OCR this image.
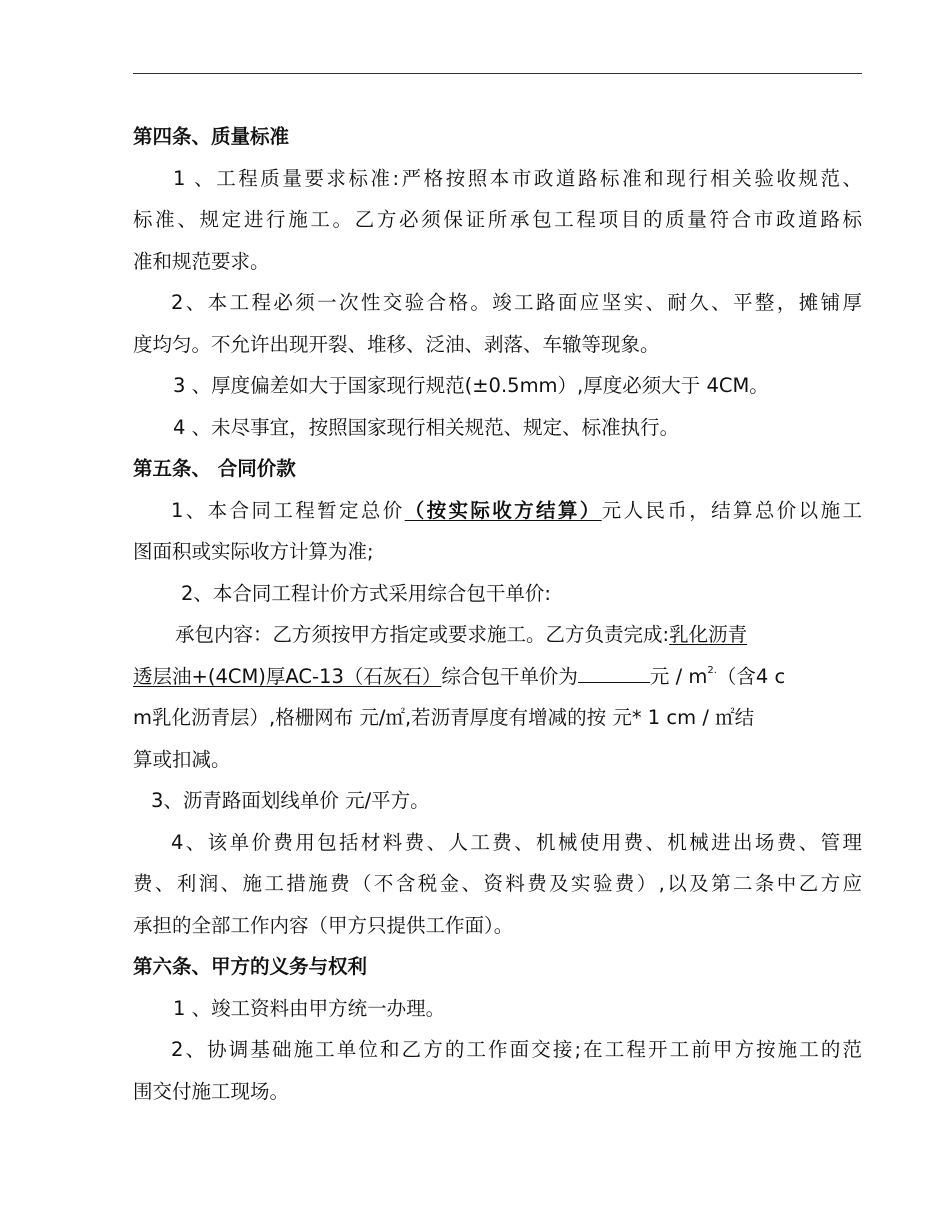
第四条、质量标准
1 、工程质量要求标准:严格按照本市政道路标准和现行相关验收规范、
标准、规定进行施工。乙方必须保证所承包工程项目的质量符合市政道路标
准和规范要求。
2、本工程必须一次性交验合格。竣工路面应坚实、耐久、平整，摊铺厚
度均匀。不允许出现开裂、堆移、泛油、剥落、车辙等现象。
3 、厚度偏差如大于国家现行规范(±0.5mm）,厚度必须大于 4CM。
4 、未尽事宜，按照国家现行相关规范、规定、标准执行。
第五条、 合同价款
1、本合同工程暂定总价（按实际收方结算）元人民币，结算总价以施工
图面积或实际收方计算为准;
2、本合同工程计价方式采用综合包干单价:
承包内容：乙方须按甲方指定或要求施工。乙方负责完成:乳化沥青
透层油+(4CM)厚AC-13（石灰石）综合包干单价为	元 / $m^{2.}$（含4 c
m乳化沥青层）,格栅网布 元/㎡,若沥青厚度有增减的按 元* 1 cm / ㎡结
算或扣减。
3、沥青路面划线单价 元/平方。
4、该单价费用包括材料费、人工费、机械使用费、机械进出场费、管理
费、利润、施工措施费（不含税金、资料费及实验费）,以及第二条中乙方应
承担的全部工作内容（甲方只提供工作面）。
第六条、甲方的义务与权利
1 、竣工资料由甲方统一办理。
2、协调基础施工单位和乙方的工作面交接;在工程开工前甲方按施工的范
围交付施工现场。
